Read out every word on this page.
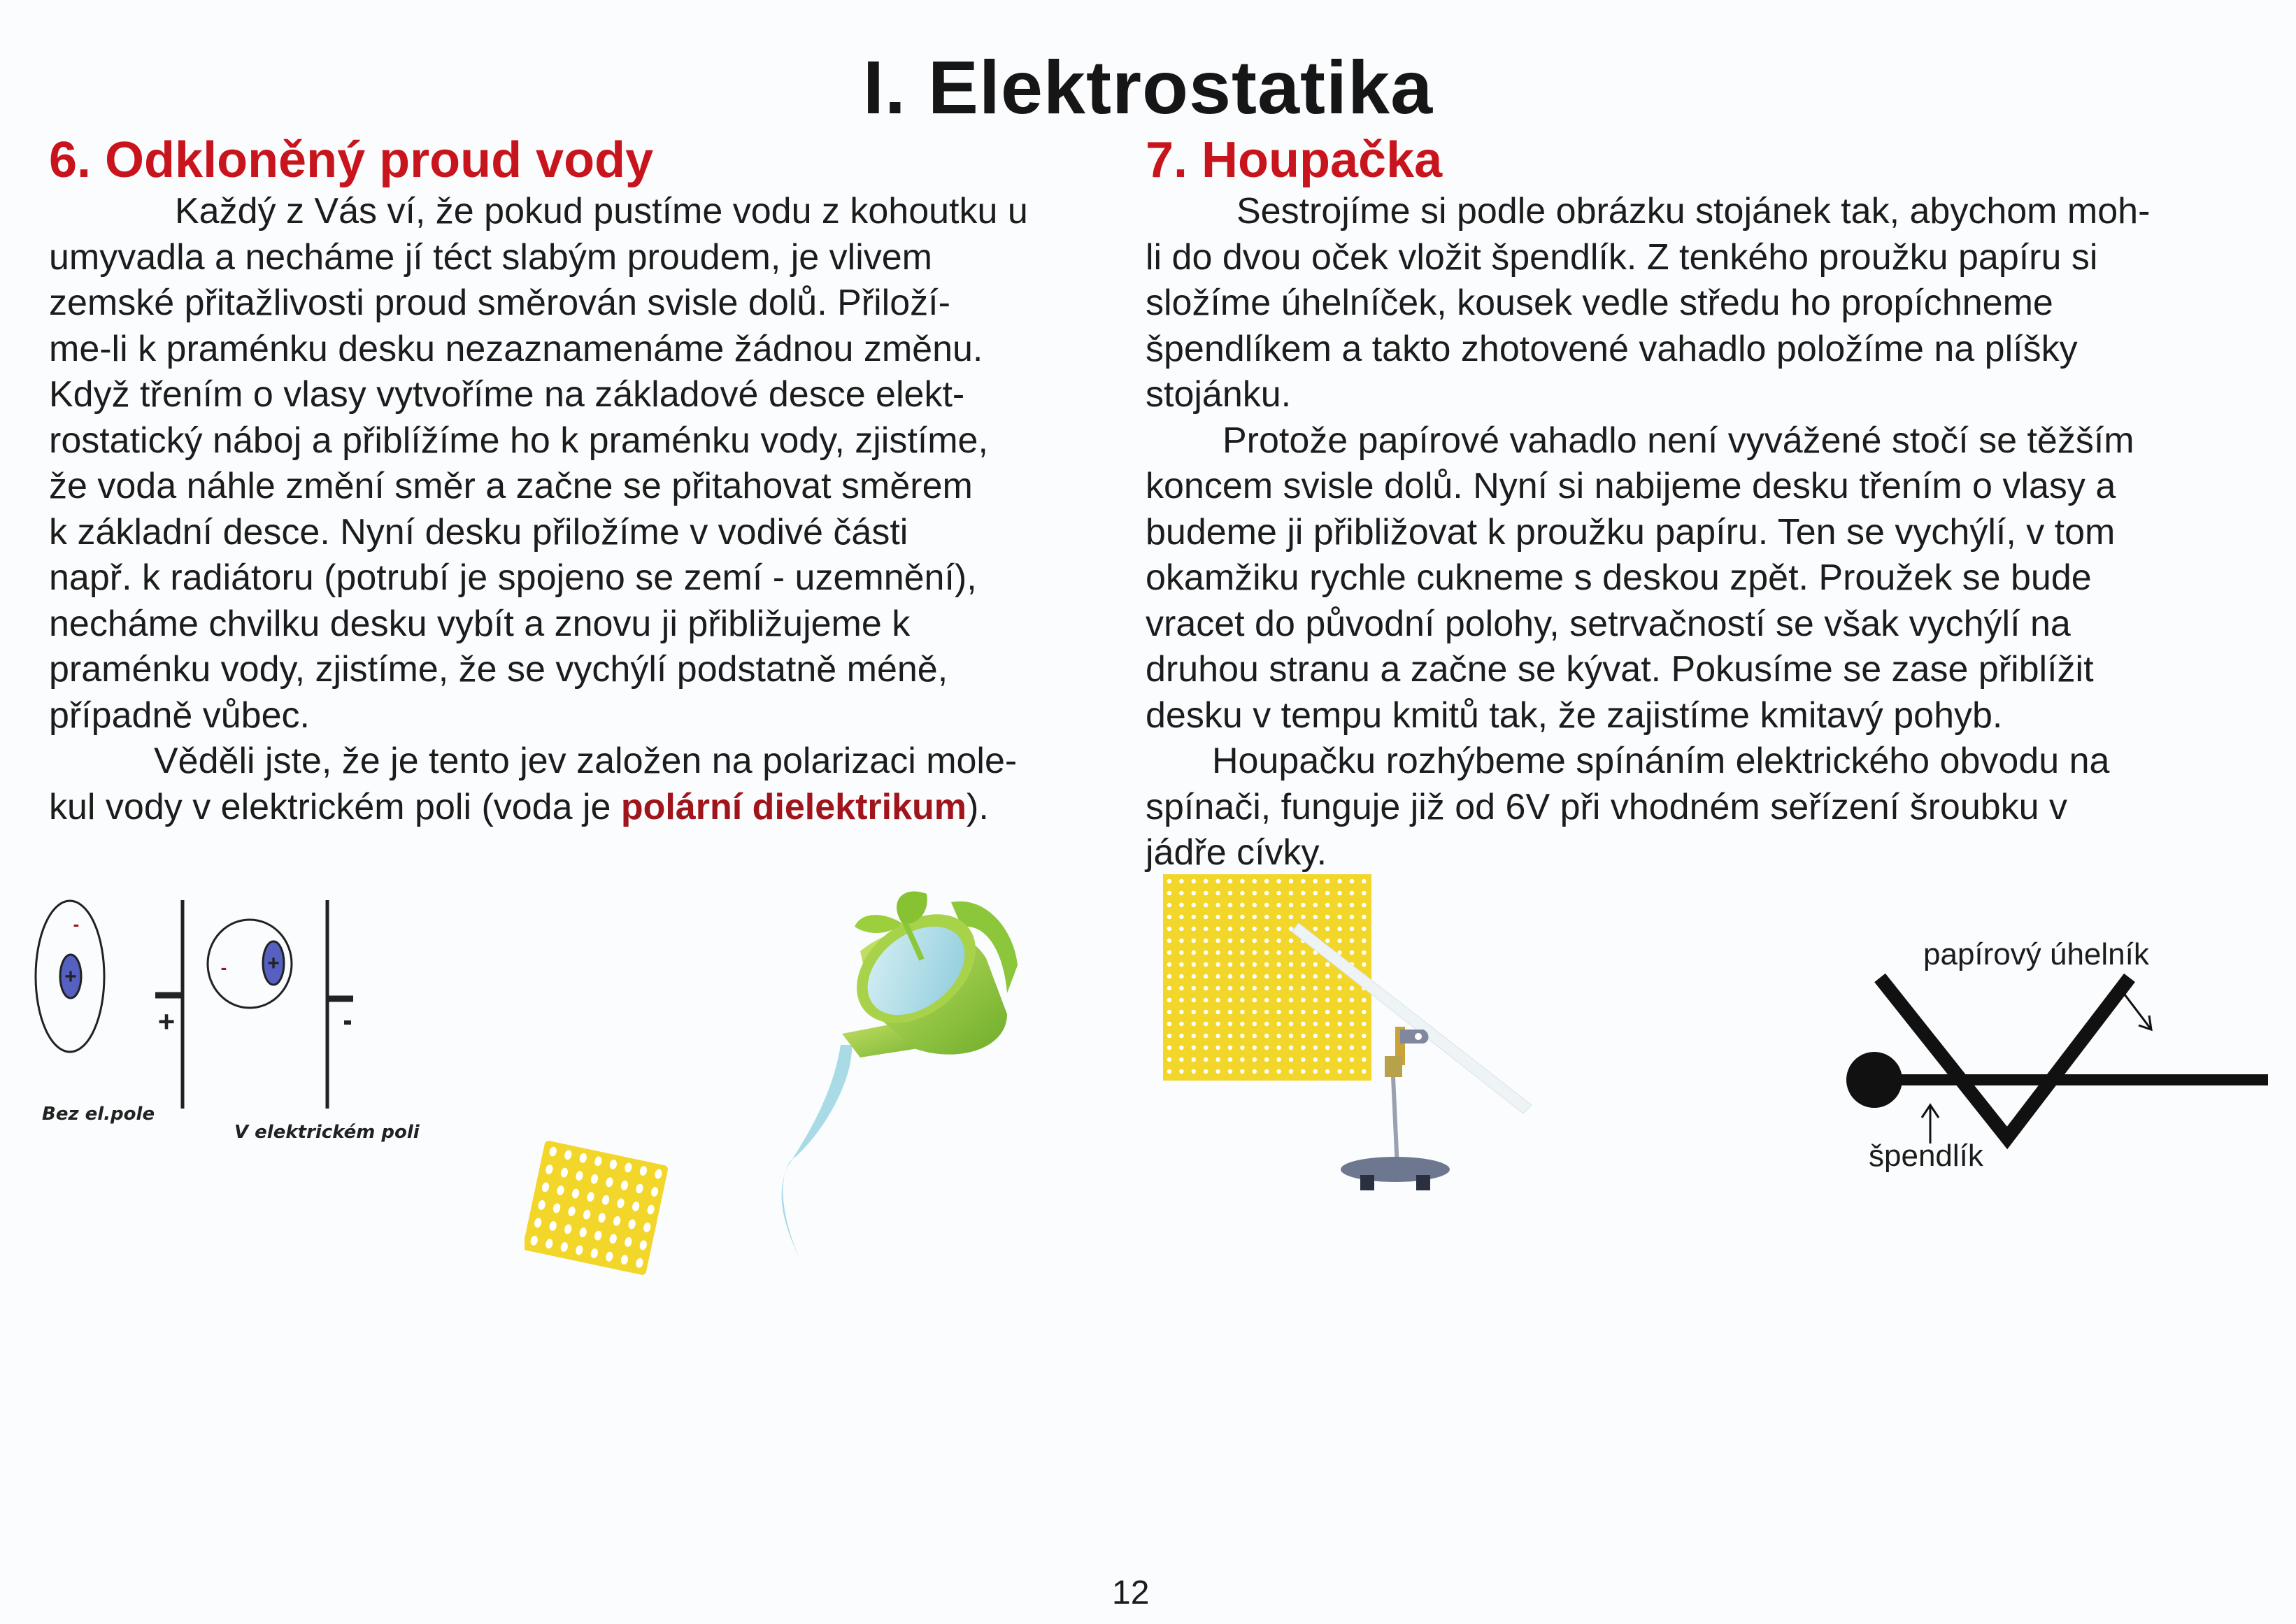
I. Elektrostatika
6. Odkloněný proud vody	7. Houpačka

Každý z Vás ví, že pokud pustíme vodu z kohoutku u

umyvadla a necháme jí téct slabým proudem, je vlivem

zemské přitažlivosti proud směrován svisle dolů. Přiloží-

me-li k praménku desku nezaznamenáme žádnou změnu.

Když třením o vlasy vytvoříme na základové desce elekt-

rostatický náboj a přiblížíme ho k praménku vody, zjistíme,

že voda náhle změní směr a začne se přitahovat směrem

k základní desce. Nyní desku přiložíme v vodivé části

např. k radiátoru (potrubí je spojeno se zemí - uzemnění),

necháme chvilku desku vybít a znovu ji přibližujeme k

praménku vody, zjistíme, že se vychýlí podstatně méně,

případně vůbec.

Věděli jste, že je tento jev založen na polarizaci mole-

kul vody v elektrickém poli (voda je polární dielektrikum).

Sestrojíme si podle obrázku stojánek tak, abychom moh-

li do dvou oček vložit špendlík. Z tenkého proužku papíru si

složíme úhelníček, kousek vedle středu ho propíchneme

špendlíkem a takto zhotovené vahadlo položíme na plíšky

stojánku.

Protože papírové vahadlo není vyvážené stočí se těžším

koncem svisle dolů. Nyní si nabijeme desku třením o vlasy a

budeme ji přibližovat k proužku papíru. Ten se vychýlí, v tom

okamžiku rychle cukneme s deskou zpět. Proužek se bude

vracet do původní polohy, setrvačností se však vychýlí na

druhou stranu a začne se kývat. Pokusíme se zase přiblížit

desku v tempu kmitů tak, že zajistíme kmitavý pohyb.

Houpačku rozhýbeme spínáním elektrického obvodu na

spínači, funguje již od 6V při vhodném seřízení šroubku v

jádře cívky.

+
-
+
+
-
Bez el.pole
V elektrickém poli
papírový úhelník
špendlík
12
